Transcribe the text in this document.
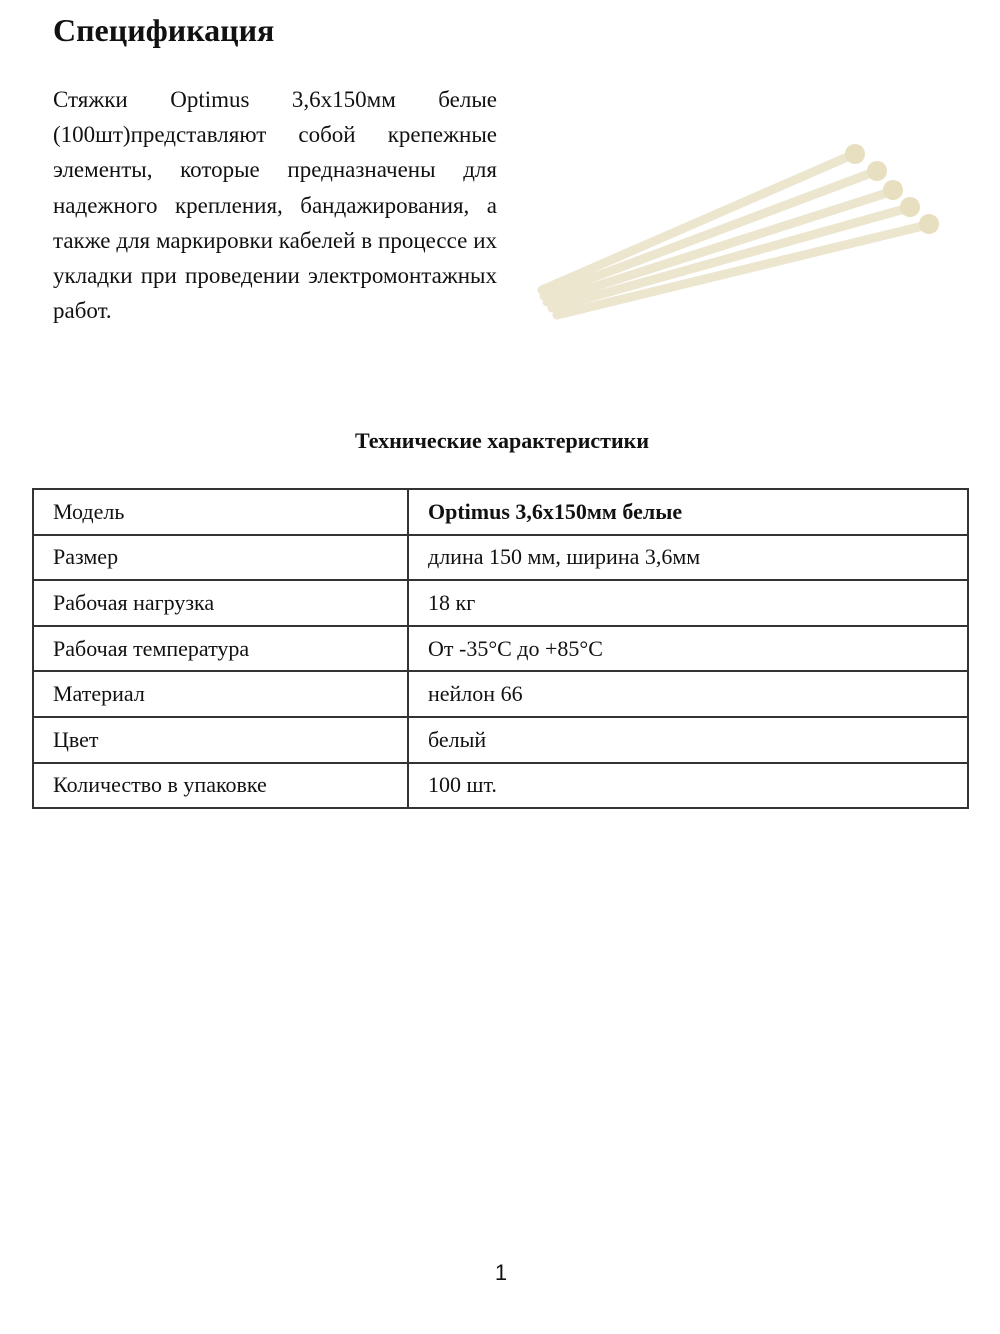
Спецификация

Стяжки Optimus 3,6х150мм белые (100шт)представляют собой крепежные элементы, которые предназначены для надежного крепления, бандажирования, а также для маркировки кабелей в процессе их укладки при проведении электромонтажных работ.

Технические характеристики
Модель	Optimus 3,6х150мм белые
Размер	длина 150 мм, ширина 3,6мм
Рабочая нагрузка	18 кг
Рабочая температура	От -35°C до +85°C
Материал	нейлон 66
Цвет	белый
Количество в упаковке	100 шт.
1
